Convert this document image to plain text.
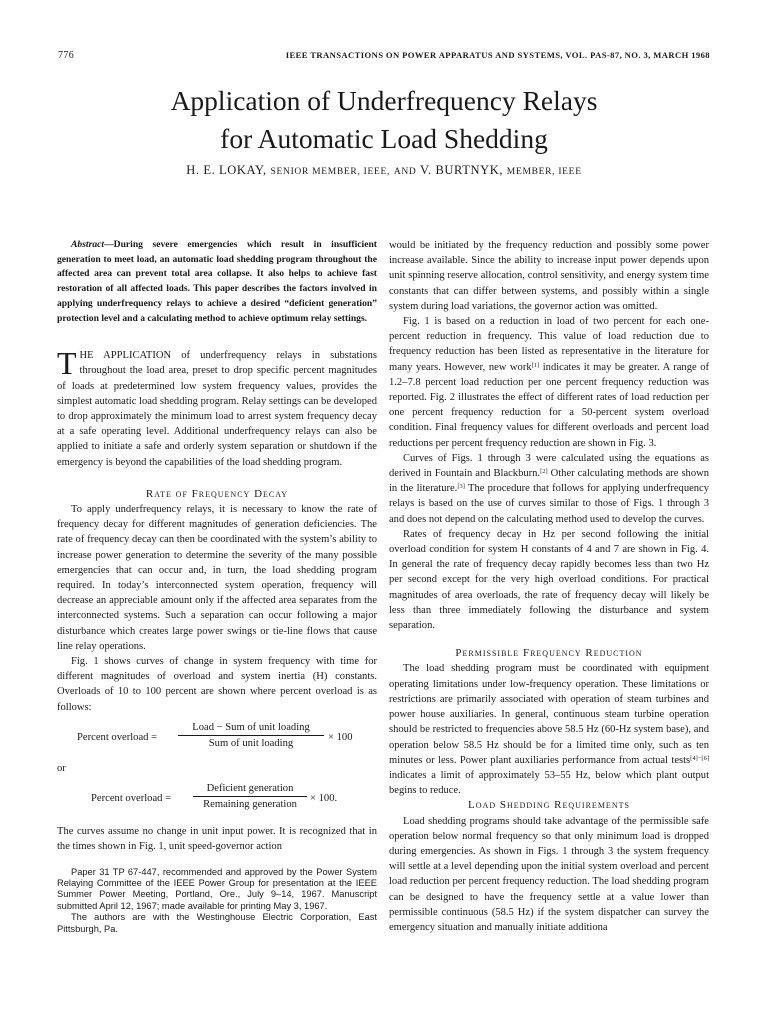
776	IEEE TRANSACTIONS ON POWER APPARATUS AND SYSTEMS, VOL. PAS-87, NO. 3, MARCH 1968
Application of Underfrequency Relays
for Automatic Load Shedding
H. E. LOKAY, SENIOR MEMBER, IEEE, AND V. BURTNYK, MEMBER, IEEE

Abstract—During severe emergencies which result in insufficient generation to meet load, an automatic load shedding program throughout the affected area can prevent total area collapse. It also helps to achieve fast restoration of all affected loads. This paper describes the factors involved in applying underfrequency relays to achieve a desired “deficient generation” protection level and a calculating method to achieve optimum relay settings.

THE APPLICATION of underfrequency relays in substations throughout the load area, preset to drop specific percent magnitudes of loads at predetermined low system frequency values, provides the simplest automatic load shedding program. Relay settings can be developed to drop approximately the minimum load to arrest system frequency decay at a safe operating level. Additional underfrequency relays can also be applied to initiate a safe and orderly system separation or shutdown if the emergency is beyond the capabilities of the load shedding program.

Rate of Frequency Decay

To apply underfrequency relays, it is necessary to know the rate of frequency decay for different magnitudes of generation deficiencies. The rate of frequency decay can then be coordinated with the system’s ability to increase power generation to determine the severity of the many possible emergencies that can occur and, in turn, the load shedding program required. In today’s interconnected system operation, frequency will decrease an appreciable amount only if the affected area separates from the interconnected systems. Such a separation can occur following a major disturbance which creates large power swings or tie-line flows that cause line relay operations.

Fig. 1 shows curves of change in system frequency with time for different magnitudes of overload and system inertia (H) constants. Overloads of 10 to 100 percent are shown where percent overload is as follows:

Percent overload =
Load − Sum of unit loading
Sum of unit loading
× 100

or

Percent overload =
Deficient generation
Remaining generation
× 100.

The curves assume no change in unit input power. It is recognized that in the times shown in Fig. 1, unit speed-governor action

Paper 31 TP 67-447, recommended and approved by the Power System Relaying Committee of the IEEE Power Group for presentation at the IEEE Summer Power Meeting, Portland, Ore., July 9–14, 1967. Manuscript submitted April 12, 1967; made available for printing May 3, 1967.

The authors are with the Westinghouse Electric Corporation, East Pittsburgh, Pa.

would be initiated by the frequency reduction and possibly some power increase available. Since the ability to increase input power depends upon unit spinning reserve allocation, control sensitivity, and energy system time constants that can differ between systems, and possibly within a single system during load variations, the governor action was omitted.

Fig. 1 is based on a reduction in load of two percent for each one-percent reduction in frequency. This value of load reduction due to frequency reduction has been listed as representative in the literature for many years. However, new work[1] indicates it may be greater. A range of 1.2–7.8 percent load reduction per one percent frequency reduction was reported. Fig. 2 illustrates the effect of different rates of load reduction per one percent frequency reduction for a 50-percent system overload condition. Final frequency values for different overloads and percent load reductions per percent frequency reduction are shown in Fig. 3.

Curves of Figs. 1 through 3 were calculated using the equations as derived in Fountain and Blackburn.[2] Other calculating methods are shown in the literature.[3] The procedure that follows for applying underfrequency relays is based on the use of curves similar to those of Figs. 1 through 3 and does not depend on the calculating method used to develop the curves.

Rates of frequency decay in Hz per second following the initial overload condition for system H constants of 4 and 7 are shown in Fig. 4. In general the rate of frequency decay rapidly becomes less than two Hz per second except for the very high overload conditions. For practical magnitudes of area overloads, the rate of frequency decay will likely be less than three immediately following the disturbance and system separation.

Permissible Frequency Reduction

The load shedding program must be coordinated with equipment operating limitations under low-frequency operation. These limitations or restrictions are primarily associated with operation of steam turbines and power house auxiliaries. In general, continuous steam turbine operation should be restricted to frequencies above 58.5 Hz (60-Hz system base), and operation below 58.5 Hz should be for a limited time only, such as ten minutes or less. Power plant auxiliaries performance from actual tests[4]−[6] indicates a limit of approximately 53–55 Hz, below which plant output begins to reduce.

Load Shedding Requirements

Load shedding programs should take advantage of the permissible safe operation below normal frequency so that only minimum load is dropped during emergencies. As shown in Figs. 1 through 3 the system frequency will settle at a level depending upon the initial system overload and percent load reduction per percent frequency reduction. The load shedding program can be designed to have the frequency settle at a value lower than permissible continuous (58.5 Hz) if the system dispatcher can survey the emergency situation and manually initiate additiona
